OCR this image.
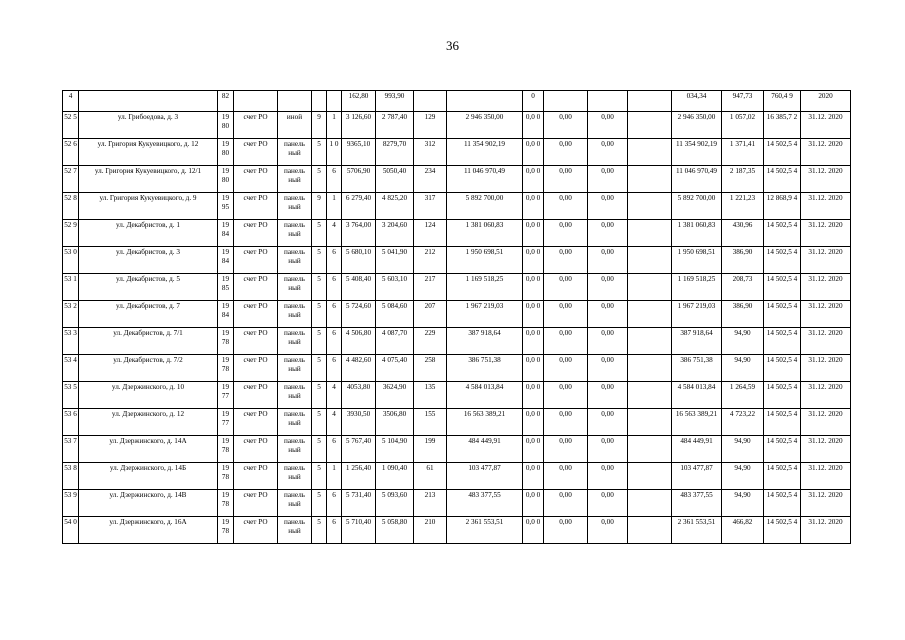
36
4		82					162,80	993,90			0				034,34	947,73	760,4 9	2020
52 5	ул. Грибоедова, д. 3	19 80	счет РО	иной	9	1	3 126,60	2 787,40	129	2 946 350,00	0,0 0	0,00	0,00		2 946 350,00	1 057,02	16 385,7 2	31.12. 2020
52 6	ул. Григория Кукуевицкого, д. 12	19 80	счет РО	панель ный	5	1 0	9365,10	8279,70	312	11 354 902,19	0,0 0	0,00	0,00		11 354 902,19	1 371,41	14 502,5 4	31.12. 2020
52 7	ул. Григория Кукуевицкого, д. 12/1	19 80	счет РО	панель ный	5	6	5706,90	5050,40	234	11 046 970,49	0,0 0	0,00	0,00		11 046 970,49	2 187,35	14 502,5 4	31.12. 2020
52 8	ул. Григория Кукуевицкого, д. 9	19 95	счет РО	панель ный	9	1	6 279,40	4 825,20	317	5 892 700,00	0,0 0	0,00	0,00		5 892 700,00	1 221,23	12 868,9 4	31.12. 2020
52 9	ул. Декабристов, д. 1	19 84	счет РО	панель ный	5	4	3 764,00	3 204,60	124	1 381 060,83	0,0 0	0,00	0,00		1 381 060,83	430,96	14 502,5 4	31.12. 2020
53 0	ул. Декабристов, д. 3	19 84	счет РО	панель ный	5	6	5 680,10	5 041,90	212	1 950 698,51	0,0 0	0,00	0,00		1 950 698,51	386,90	14 502,5 4	31.12. 2020
53 1	ул. Декабристов, д. 5	19 85	счет РО	панель ный	5	6	5 408,40	5 603,10	217	1 169 518,25	0,0 0	0,00	0,00		1 169 518,25	208,73	14 502,5 4	31.12. 2020
53 2	ул. Декабристов, д. 7	19 84	счет РО	панель ный	5	6	5 724,60	5 084,60	207	1 967 219,03	0,0 0	0,00	0,00		1 967 219,03	386,90	14 502,5 4	31.12. 2020
53 3	ул. Декабристов, д. 7/1	19 78	счет РО	панель ный	5	6	4 506,80	4 087,70	229	387 918,64	0,0 0	0,00	0,00		387 918,64	94,90	14 502,5 4	31.12. 2020
53 4	ул. Декабристов, д. 7/2	19 78	счет РО	панель ный	5	6	4 482,60	4 075,40	258	386 751,38	0,0 0	0,00	0,00		386 751,38	94,90	14 502,5 4	31.12. 2020
53 5	ул. Дзержинского, д. 10	19 77	счет РО	панель ный	5	4	4053,80	3624,90	135	4 584 013,84	0,0 0	0,00	0,00		4 584 013,84	1 264,59	14 502,5 4	31.12. 2020
53 6	ул. Дзержинского, д. 12	19 77	счет РО	панель ный	5	4	3930,50	3506,80	155	16 563 389,21	0,0 0	0,00	0,00		16 563 389,21	4 723,22	14 502,5 4	31.12. 2020
53 7	ул. Дзержинского, д. 14А	19 78	счет РО	панель ный	5	6	5 767,40	5 104,90	199	484 449,91	0,0 0	0,00	0,00		484 449,91	94,90	14 502,5 4	31.12. 2020
53 8	ул. Дзержинского, д. 14Б	19 78	счет РО	панель ный	5	1	1 256,40	1 090,40	61	103 477,87	0,0 0	0,00	0,00		103 477,87	94,90	14 502,5 4	31.12. 2020
53 9	ул. Дзержинского, д. 14В	19 78	счет РО	панель ный	5	6	5 731,40	5 093,60	213	483 377,55	0,0 0	0,00	0,00		483 377,55	94,90	14 502,5 4	31.12. 2020
54 0	ул. Дзержинского, д. 16А	19 78	счет РО	панель ный	5	6	5 710,40	5 058,80	210	2 361 553,51	0,0 0	0,00	0,00		2 361 553,51	466,82	14 502,5 4	31.12. 2020
